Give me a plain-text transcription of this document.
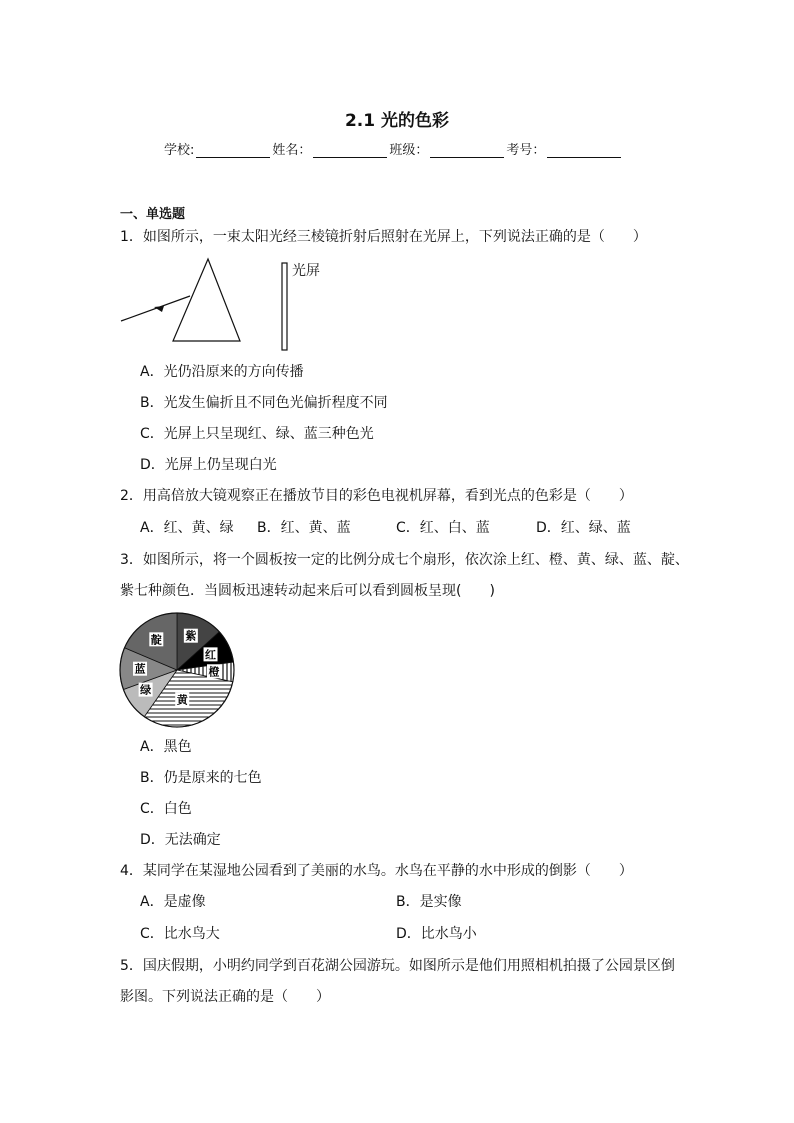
2.1 光的色彩
学校:	姓名：	班级：	考号：
一、单选题
1．如图所示，一束太阳光经三棱镜折射后照射在光屏上，下列说法正确的是（　　）
光屏
A．光仍沿原来的方向传播
B．光发生偏折且不同色光偏折程度不同
C．光屏上只呈现红、绿、蓝三种色光
D．光屏上仍呈现白光
2．用高倍放大镜观察正在播放节目的彩色电视机屏幕，看到光点的色彩是（　　）
A．红、黄、绿 B．红、黄、蓝	C．红、白、蓝	D．红、绿、蓝
3．如图所示，将一个圆板按一定的比例分成七个扇形，依次涂上红、橙、黄、绿、蓝、靛、
紫七种颜色．当圆板迅速转动起来后可以看到圆板呈现(　　)
紫
红
橙
黄
绿
蓝
靛
A．黑色
B．仍是原来的七色
C．白色
D．无法确定
4．某同学在某湿地公园看到了美丽的水鸟。水鸟在平静的水中形成的倒影（　　）
A．是虚像	B．是实像
C．比水鸟大	D．比水鸟小
5．国庆假期，小明约同学到百花湖公园游玩。如图所示是他们用照相机拍摄了公园景区倒
影图。下列说法正确的是（　　）
